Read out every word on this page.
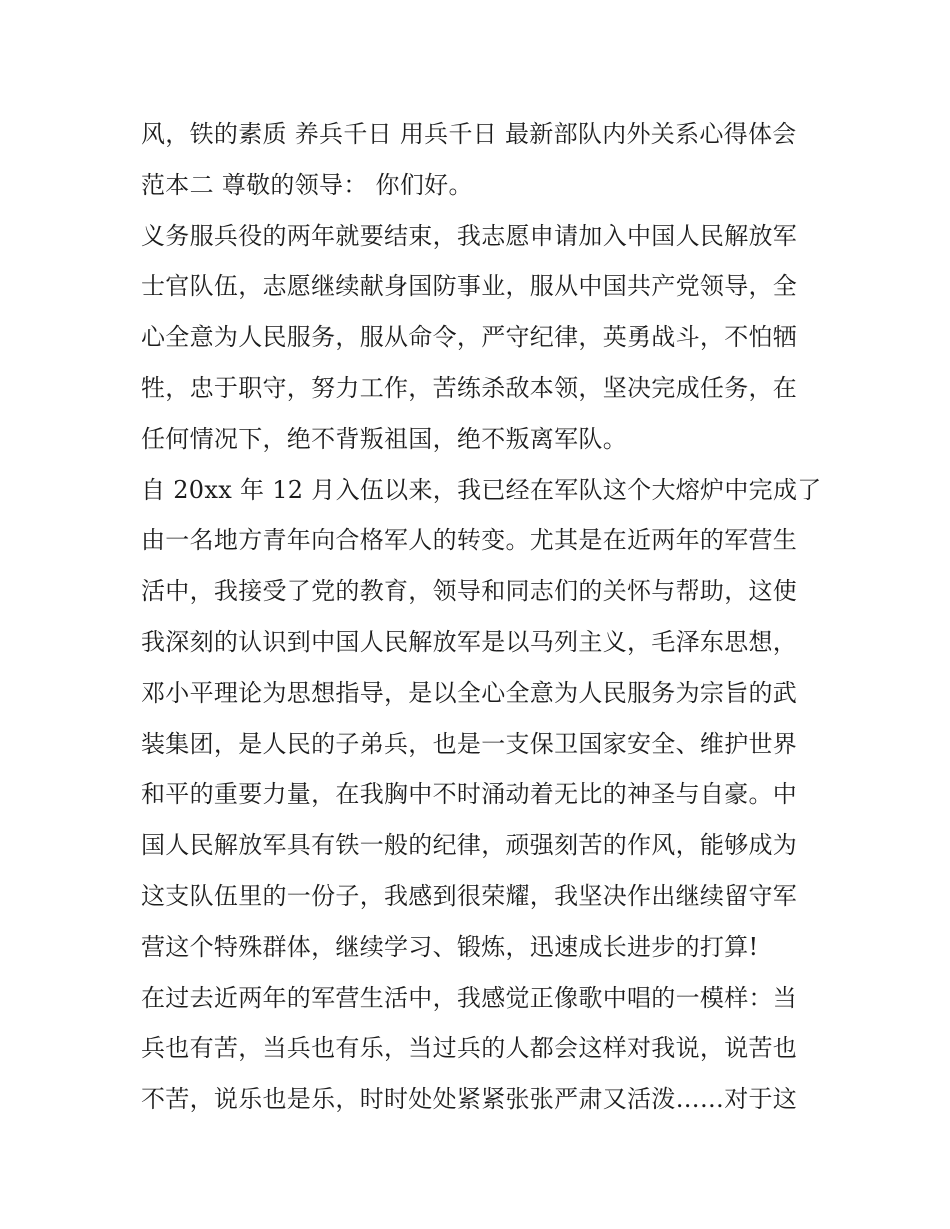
风，铁的素质 养兵千日 用兵千日 最新部队内外关系心得体会
范本二 尊敬的领导： 你们好。
义务服兵役的两年就要结束，我志愿申请加入中国人民解放军
士官队伍，志愿继续献身国防事业，服从中国共产党领导，全
心全意为人民服务，服从命令，严守纪律，英勇战斗，不怕牺
牲，忠于职守，努力工作，苦练杀敌本领，坚决完成任务，在
任何情况下，绝不背叛祖国，绝不叛离军队。
自 20xx 年 12 月入伍以来，我已经在军队这个大熔炉中完成了
由一名地方青年向合格军人的转变。尤其是在近两年的军营生
活中，我接受了党的教育，领导和同志们的关怀与帮助，这使
我深刻的认识到中国人民解放军是以马列主义，毛泽东思想，
邓小平理论为思想指导，是以全心全意为人民服务为宗旨的武
装集团，是人民的子弟兵，也是一支保卫国家安全、维护世界
和平的重要力量，在我胸中不时涌动着无比的神圣与自豪。中
国人民解放军具有铁一般的纪律，顽强刻苦的作风，能够成为
这支队伍里的一份子，我感到很荣耀，我坚决作出继续留守军
营这个特殊群体，继续学习、锻炼，迅速成长进步的打算!
在过去近两年的军营生活中，我感觉正像歌中唱的一模样：当
兵也有苦，当兵也有乐，当过兵的人都会这样对我说，说苦也
不苦，说乐也是乐，时时处处紧紧张张严肃又活泼……对于这
